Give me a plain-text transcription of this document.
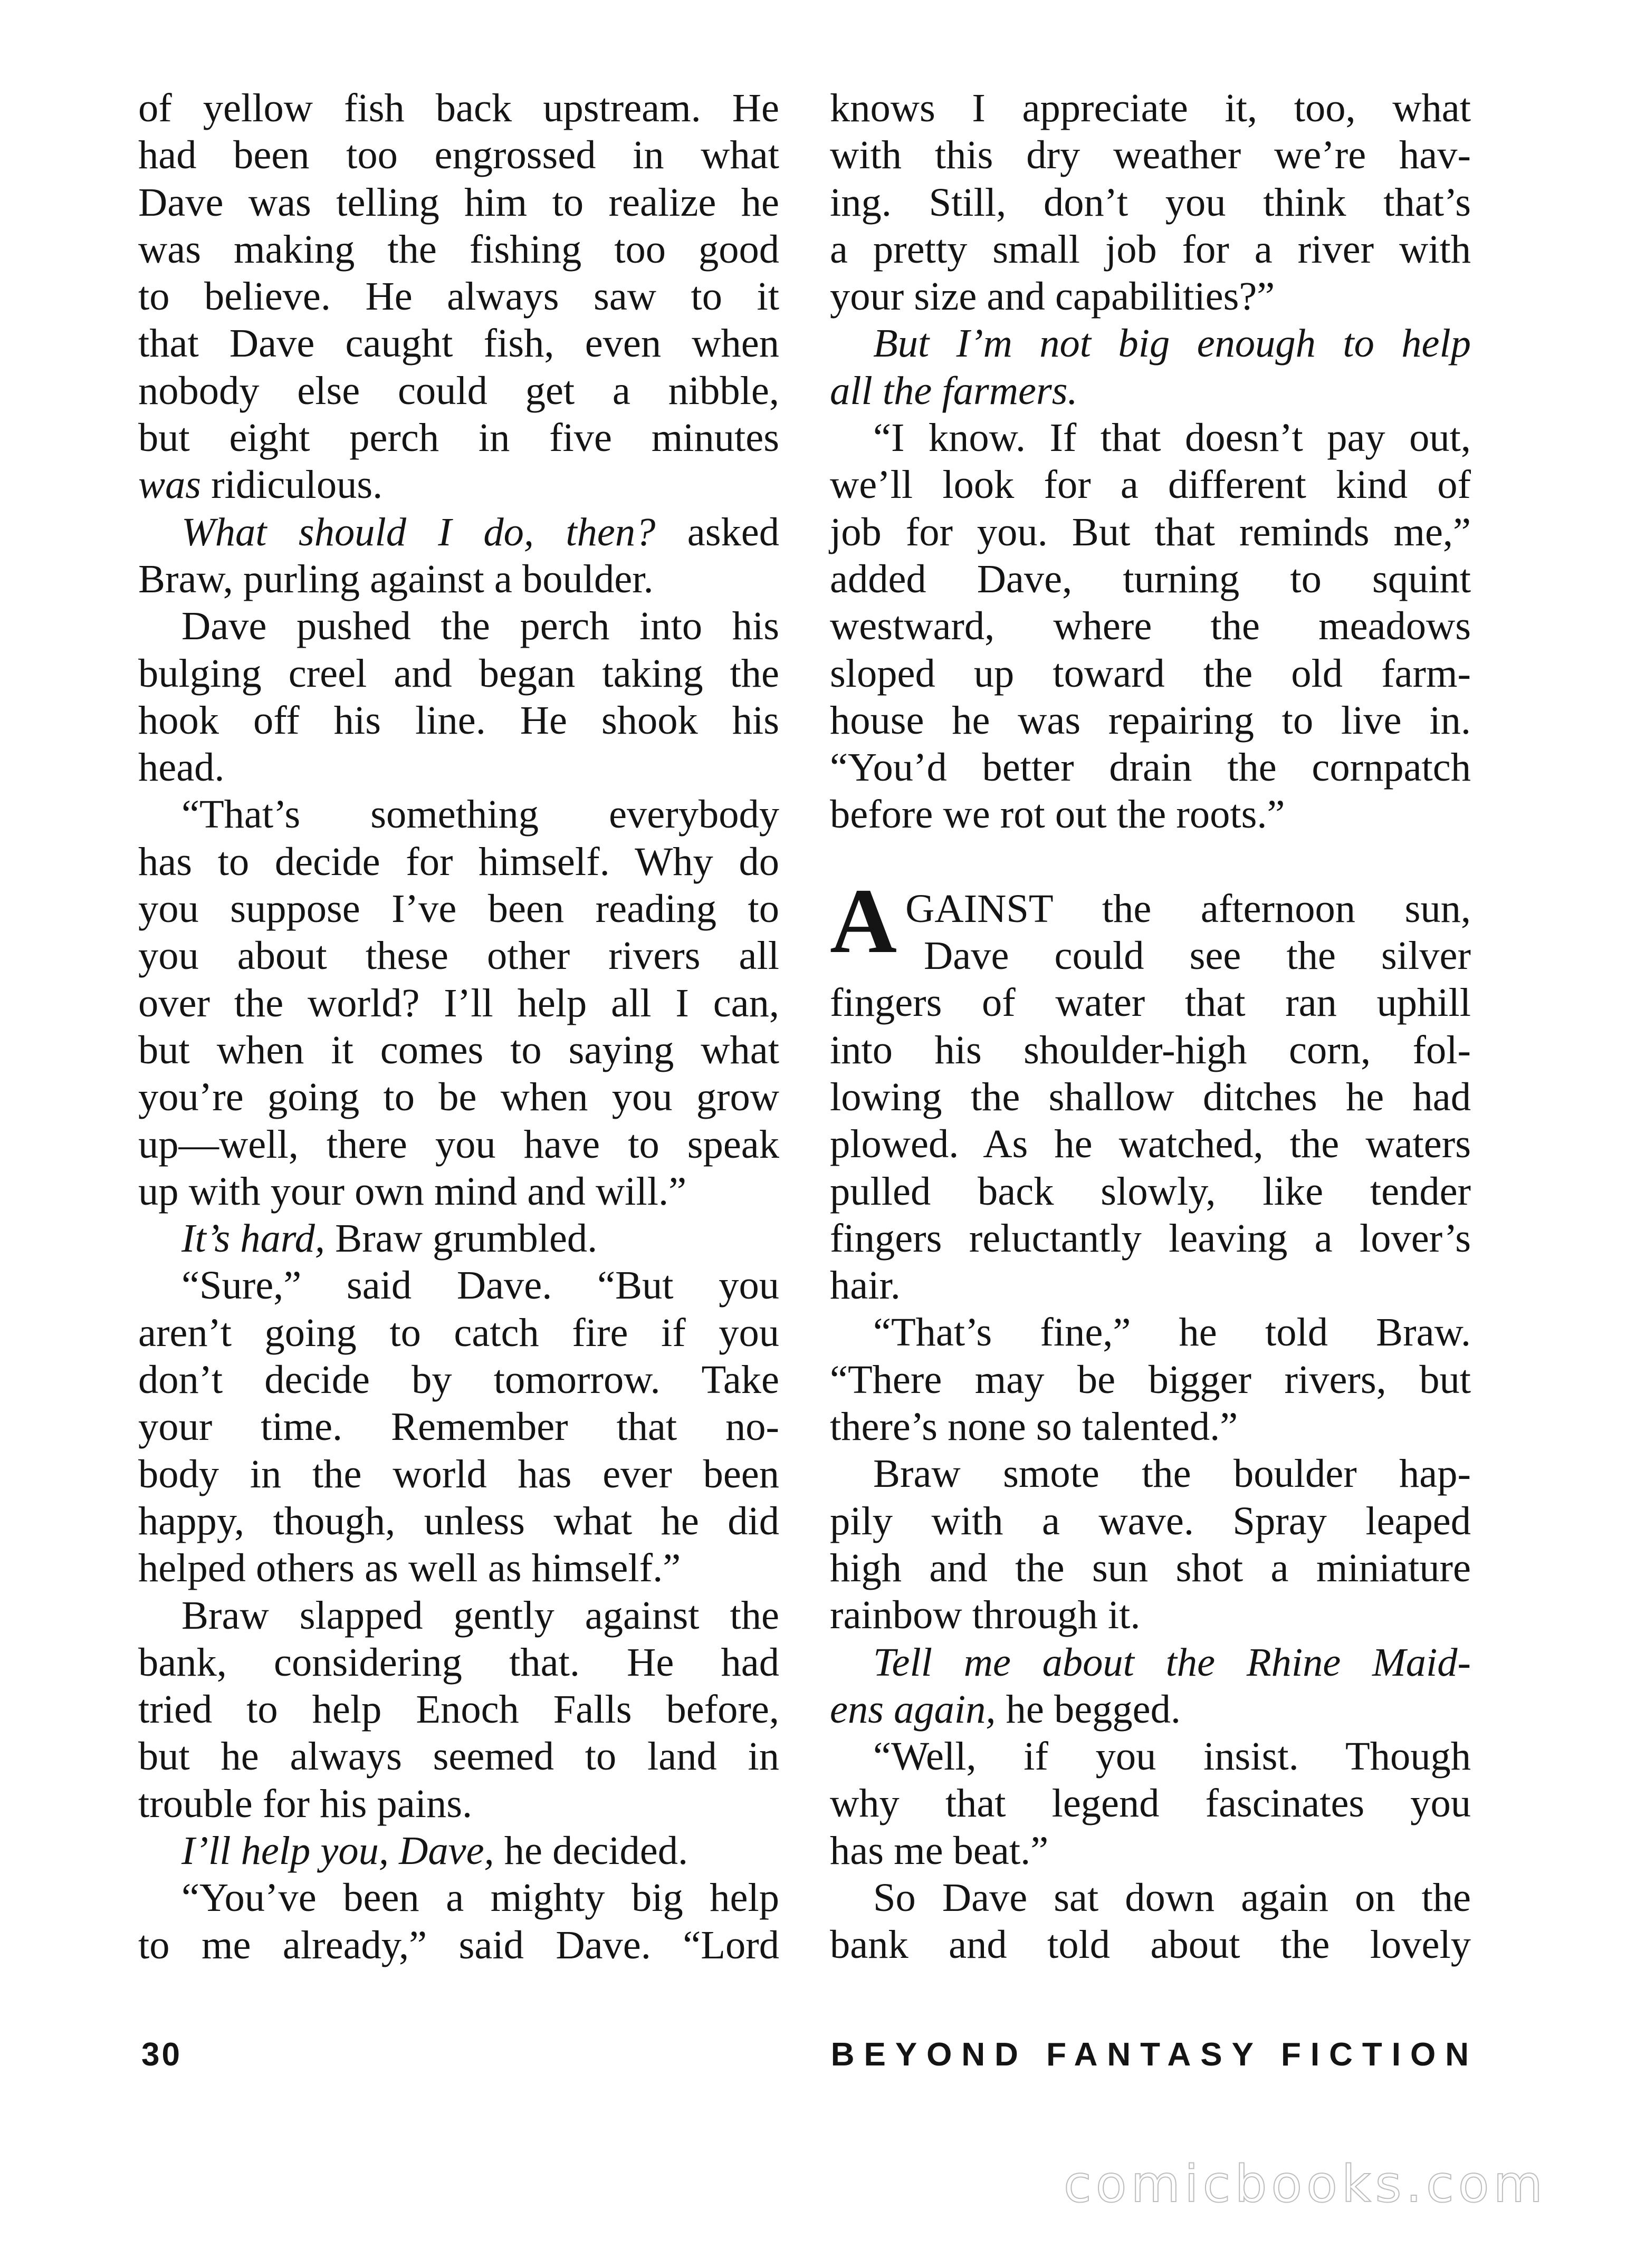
of yellow fish back upstream. He
had been too engrossed in what
Dave was telling him to realize he
was making the fishing too good
to believe. He always saw to it
that Dave caught fish, even when
nobody else could get a nibble,
but eight perch in five minutes
was ridiculous.
What should I do, then? asked
Braw, purling against a boulder.
Dave pushed the perch into his
bulging creel and began taking the
hook off his line. He shook his
head.
“That’s something everybody
has to decide for himself. Why do
you suppose I’ve been reading to
you about these other rivers all
over the world? I’ll help all I can,
but when it comes to saying what
you’re going to be when you grow
up—well, there you have to speak
up with your own mind and will.”
It’s hard, Braw grumbled.
“Sure,” said Dave. “But you
aren’t going to catch fire if you
don’t decide by tomorrow. Take
your time. Remember that no-
body in the world has ever been
happy, though, unless what he did
helped others as well as himself.”
Braw slapped gently against the
bank, considering that. He had
tried to help Enoch Falls before,
but he always seemed to land in
trouble for his pains.
I’ll help you, Dave, he decided.
“You’ve been a mighty big help
to me already,” said Dave. “Lord
knows I appreciate it, too, what
with this dry weather we’re hav-
ing. Still, don’t you think that’s
a pretty small job for a river with
your size and capabilities?”
But I’m not big enough to help
all the farmers.
“I know. If that doesn’t pay out,
we’ll look for a different kind of
job for you. But that reminds me,”
added Dave, turning to squint
westward, where the meadows
sloped up toward the old farm-
house he was repairing to live in.
“You’d better drain the cornpatch
before we rot out the roots.”
AGAINST the afternoon sun,
Dave could see the silver
fingers of water that ran uphill
into his shoulder-high corn, fol-
lowing the shallow ditches he had
plowed. As he watched, the waters
pulled back slowly, like tender
fingers reluctantly leaving a lover’s
hair.
“That’s fine,” he told Braw.
“There may be bigger rivers, but
there’s none so talented.”
Braw smote the boulder hap-
pily with a wave. Spray leaped
high and the sun shot a miniature
rainbow through it.
Tell me about the Rhine Maid-
ens again, he begged.
“Well, if you insist. Though
why that legend fascinates you
has me beat.”
So Dave sat down again on the
bank and told about the lovely
30	BEYOND FANTASY FICTION
comicbooks.com
